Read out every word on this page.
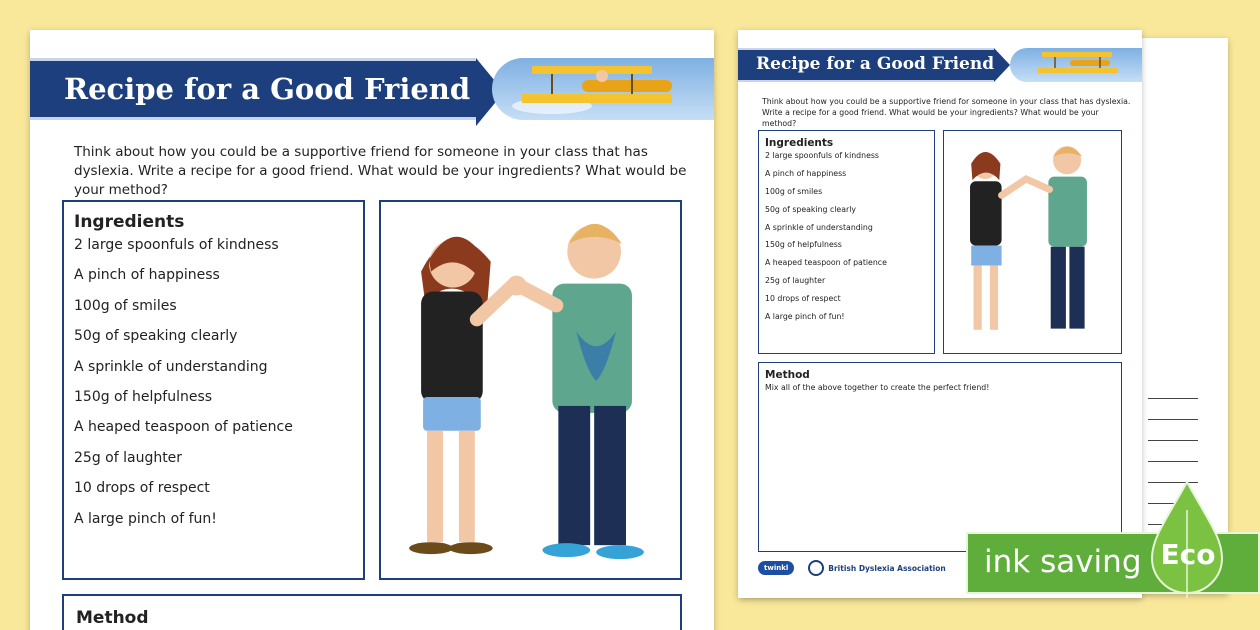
Recipe for a Good Friend
Think about how you could be a supportive friend for someone in your class that has dyslexia. Write a recipe for a good friend. What would be your ingredients? What would be your method?
Ingredients
2 large spoonfuls of kindness
A pinch of happiness
100g of smiles
50g of speaking clearly
A sprinkle of understanding
150g of helpfulness
A heaped teaspoon of patience
25g of laughter
10 drops of respect
A large pinch of fun!
Method
Mix all of the above together to create the perfect friend!
twinkl	British Dyslexia Association
Recipe for a Good Friend
Think about how you could be a supportive friend for someone in your class that has dyslexia. Write a recipe for a good friend. What would be your ingredients? What would be your method?
Ingredients
2 large spoonfuls of kindness
A pinch of happiness
100g of smiles
50g of speaking clearly
A sprinkle of understanding
150g of helpfulness
A heaped teaspoon of patience
25g of laughter
10 drops of respect
A large pinch of fun!
Method
ink saving Eco
